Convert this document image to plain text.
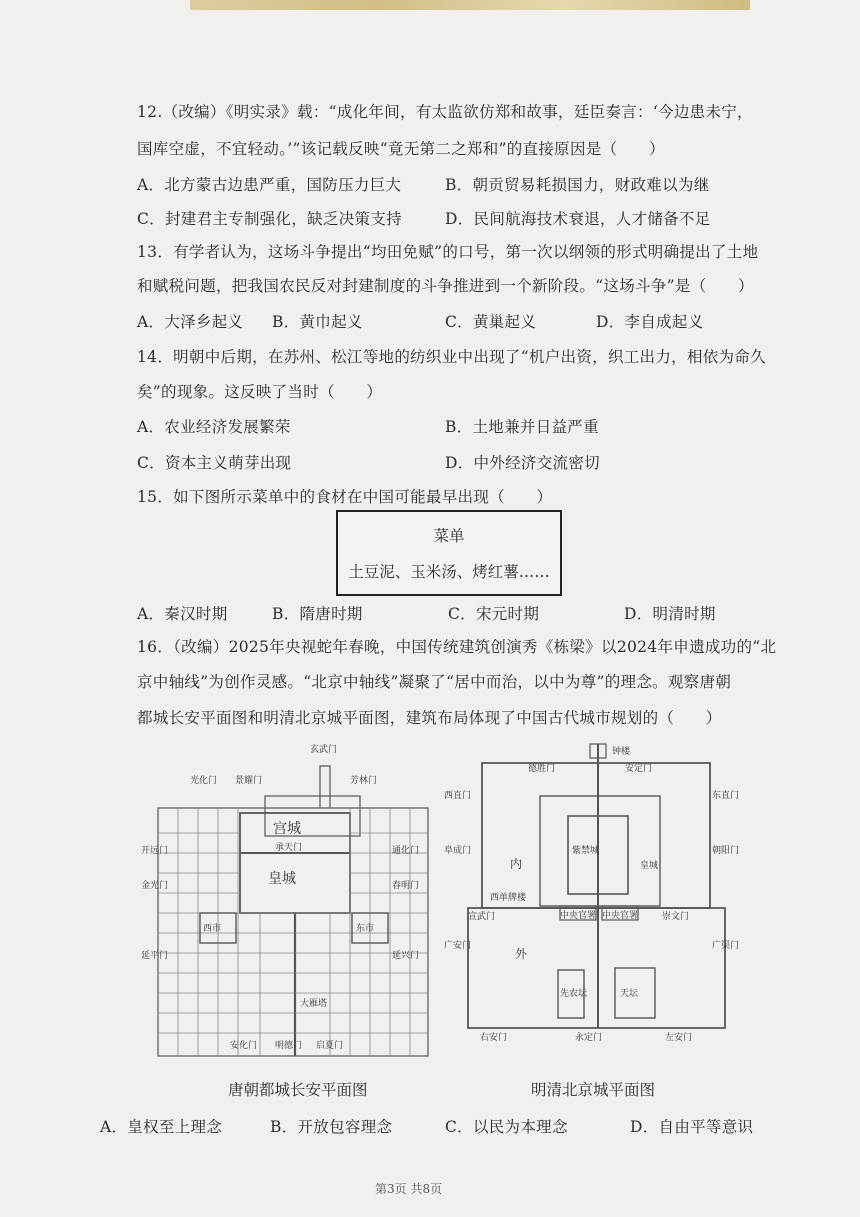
12.（改编）《明实录》载：“成化年间，有太监欲仿郑和故事，廷臣奏言：‘今边患未宁，
国库空虚，不宜轻动。’”该记载反映“竟无第二之郑和”的直接原因是（　　）
A．北方蒙古边患严重，国防压力巨大	B．朝贡贸易耗损国力，财政难以为继
C．封建君主专制强化，缺乏决策支持	D．民间航海技术衰退，人才储备不足
13．有学者认为，这场斗争提出“均田免赋”的口号，第一次以纲领的形式明确提出了土地
和赋税问题，把我国农民反对封建制度的斗争推进到一个新阶段。“这场斗争”是（　　）
A．大泽乡起义 B．黄巾起义	C．黄巢起义	D．李自成起义
14．明朝中后期，在苏州、松江等地的纺织业中出现了“机户出资，织工出力，相依为命久
矣”的现象。这反映了当时（　　）
A．农业经济发展繁荣	B．土地兼并日益严重
C．资本主义萌芽出现	D．中外经济交流密切
15．如下图所示菜单中的食材在中国可能最早出现（　　）
菜单
土豆泥、玉米汤、烤红薯……
A．秦汉时期	B．隋唐时期	C．宋元时期	D．明清时期
16．（改编）2025年央视蛇年春晚，中国传统建筑创演秀《栋梁》以2024年申遗成功的“北
京中轴线”为创作灵感。“北京中轴线”凝聚了“居中而治，以中为尊”的理念。观察唐朝
都城长安平面图和明清北京城平面图，建筑布局体现了中国古代城市规划的（　　）
玄武门
宫城
承天门
皇城
西市	东市
大雁塔
光化门 景耀门	芳林门
开远门
金光门
延平门
通化门
春明门
延兴门
安化门 明德门 启夏门
钟楼
安定门
德胜门
西直门
阜成门
东直门
朝阳门
内	皇城
紫禁城
西单牌楼
宣武门	中央官署 中央官署	崇文门
广安门	广渠门
外
先农坛	天坛
右安门	永定门	左安门
唐朝都城长安平面图	明清北京城平面图
A．皇权至上理念	B．开放包容理念	C．以民为本理念	D．自由平等意识
第3页 共8页
